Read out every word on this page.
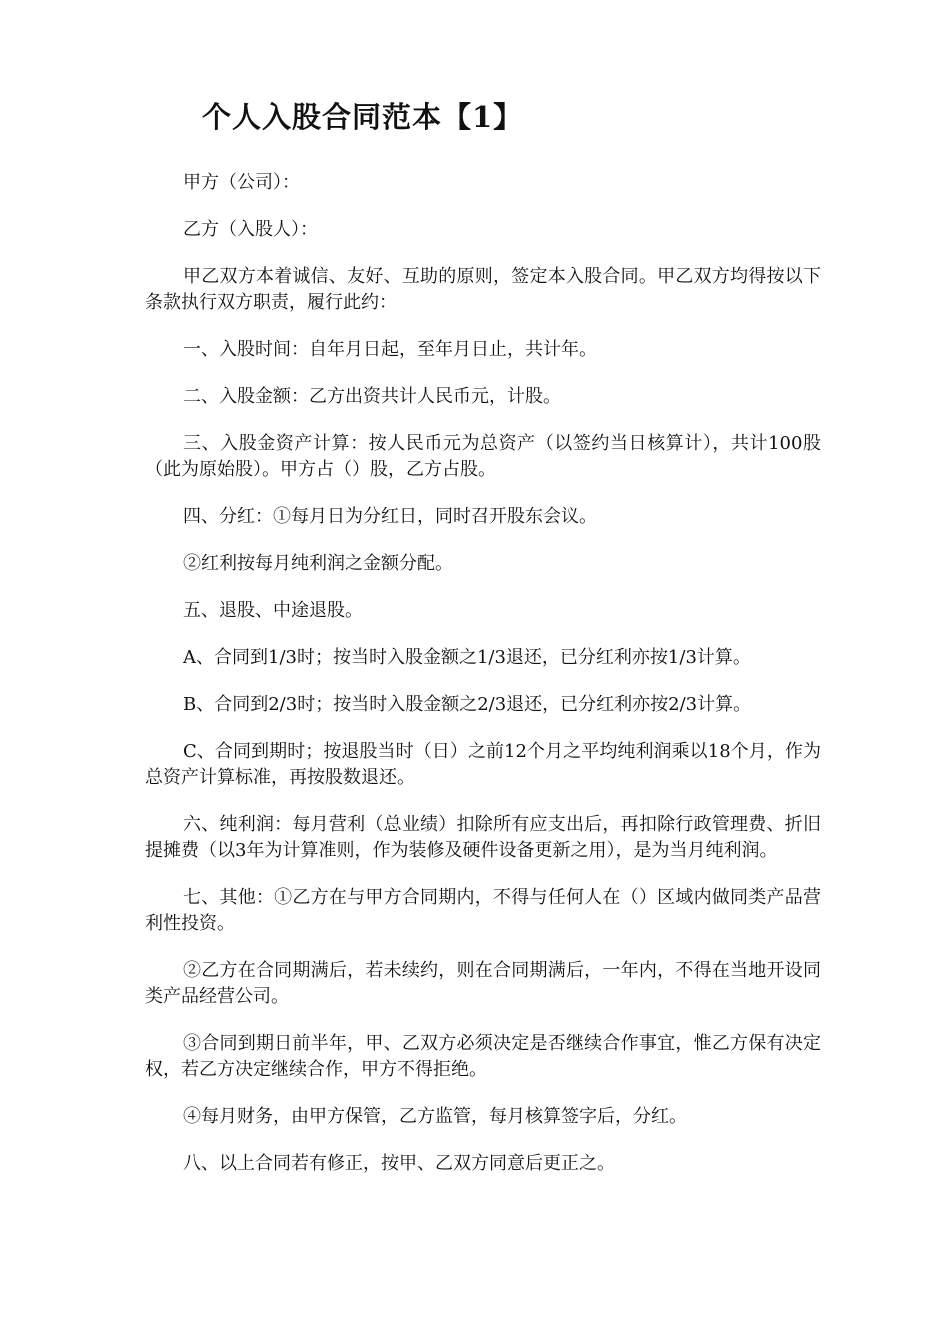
个人入股合同范本【1】

甲方（公司）：

乙方（入股人）：

甲乙双方本着诚信、友好、互助的原则，签定本入股合同。甲乙双方均得按以下条款执行双方职责，履行此约：

一、入股时间：自年月日起，至年月日止，共计年。

二、入股金额：乙方出资共计人民币元，计股。

三、入股金资产计算：按人民币元为总资产（以签约当日核算计），共计100股（此为原始股）。甲方占（）股，乙方占股。

四、分红：①每月日为分红日，同时召开股东会议。

②红利按每月纯利润之金额分配。

五、退股、中途退股。

A、合同到1/3时；按当时入股金额之1/3退还，已分红利亦按1/3计算。

B、合同到2/3时；按当时入股金额之2/3退还，已分红利亦按2/3计算。

C、合同到期时；按退股当时（日）之前12个月之平均纯利润乘以18个月，作为总资产计算标准，再按股数退还。

六、纯利润：每月营利（总业绩）扣除所有应支出后，再扣除行政管理费、折旧提摊费（以3年为计算准则，作为装修及硬件设备更新之用），是为当月纯利润。

七、其他：①乙方在与甲方合同期内，不得与任何人在（）区域内做同类产品营利性投资。

②乙方在合同期满后，若未续约，则在合同期满后，一年内，不得在当地开设同类产品经营公司。

③合同到期日前半年，甲、乙双方必须决定是否继续合作事宜，惟乙方保有决定权，若乙方决定继续合作，甲方不得拒绝。

④每月财务，由甲方保管，乙方监管，每月核算签字后，分红。

八、以上合同若有修正，按甲、乙双方同意后更正之。
